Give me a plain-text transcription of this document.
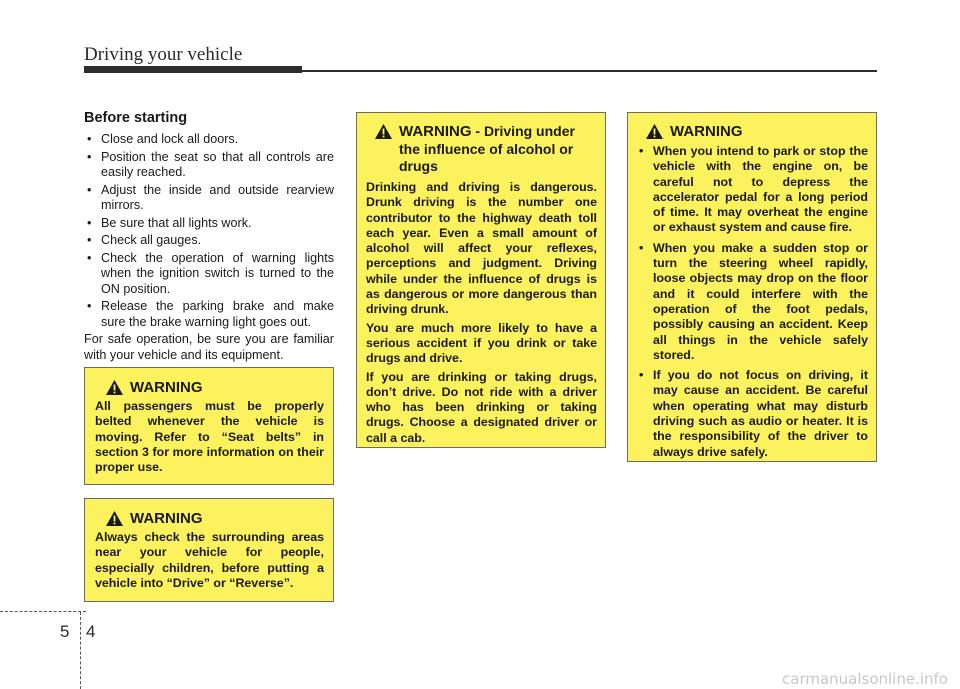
Driving your vehicle
Before starting
• Close and lock all doors.
• Position the seat so that all controls are easily reached.
• Adjust the inside and outside rearview mirrors.
• Be sure that all lights work.
• Check all gauges.
• Check the operation of warning lights when the ignition switch is turned to the ON position.
• Release the parking brake and make sure the brake warning light goes out.
For safe operation, be sure you are familiar with your vehicle and its equipment.
WARNING

All passengers must be properly belted whenever the vehicle is moving. Refer to “Seat belts” in section 3 for more information on their proper use.

WARNING

Always check the surrounding areas near your vehicle for people, especially children, before putting a vehicle into “Drive” or “Reverse”.

WARNING - Driving under the influence of alcohol or drugs

Drinking and driving is dangerous. Drunk driving is the number one contributor to the highway death toll each year. Even a small amount of alcohol will affect your reflexes, perceptions and judgment. Driving while under the influence of drugs is as dangerous or more dangerous than driving drunk.

You are much more likely to have a serious accident if you drink or take drugs and drive.

If you are drinking or taking drugs, don’t drive. Do not ride with a driver who has been drinking or taking drugs. Choose a designated driver or call a cab.

WARNING
• When you intend to park or stop the vehicle with the engine on, be careful not to depress the accelerator pedal for a long period of time. It may overheat the engine or exhaust system and cause fire.
• When you make a sudden stop or turn the steering wheel rapidly, loose objects may drop on the floor and it could interfere with the operation of the foot pedals, possibly causing an accident. Keep all things in the vehicle safely stored.
• If you do not focus on driving, it may cause an accident. Be careful when operating what may disturb driving such as audio or heater. It is the responsibility of the driver to always drive safely.
5 4
carmanualsonline.info
